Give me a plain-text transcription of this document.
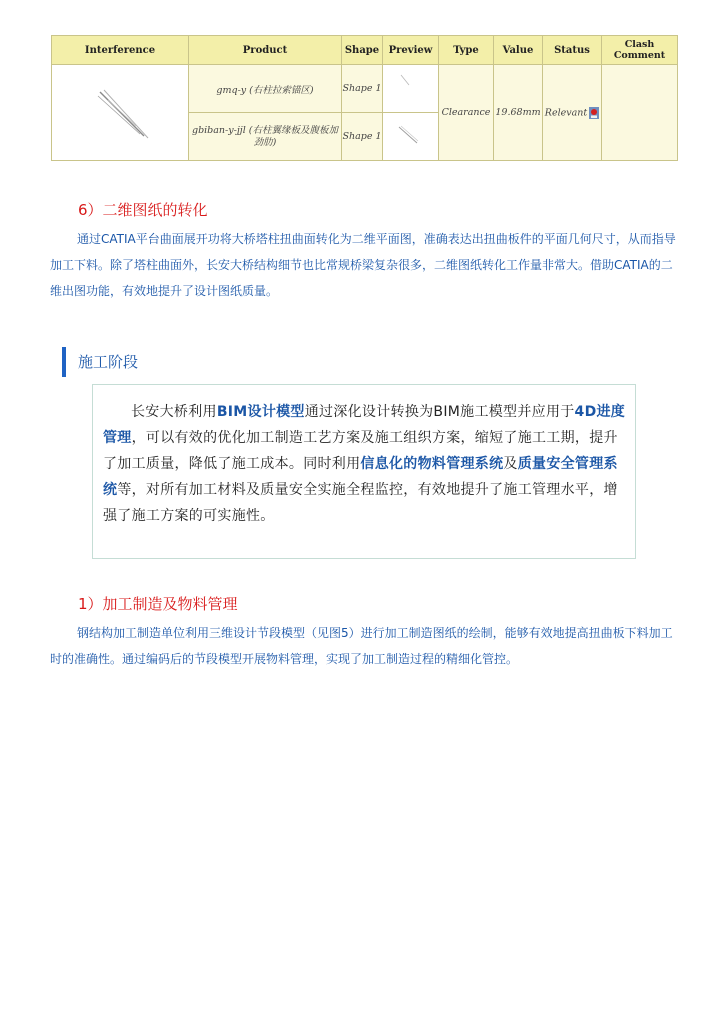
Interference	Product	Shape	Preview	Type	Value	Status	Clash Comment
	gmq-y (右柱拉索锚区)	Shape 1		Clearance	19.68mm	Relevant	
	gbiban-y-jjl (右柱翼缘板及腹板加劲肋)	Shape 1	
6）二维图纸的转化

通过CATIA平台曲面展开功将大桥塔柱扭曲面转化为二维平面图，准确表达出扭曲板件的平面几何尺寸，从而指导加工下料。除了塔柱曲面外，长安大桥结构细节也比常规桥梁复杂很多，二维图纸转化工作量非常大。借助CATIA的二维出图功能，有效地提升了设计图纸质量。

施工阶段

长安大桥利用BIM设计模型通过深化设计转换为BIM施工模型并应用于4D进度管理，可以有效的优化加工制造工艺方案及施工组织方案，缩短了施工工期，提升了加工质量，降低了施工成本。同时利用信息化的物料管理系统及质量安全管理系统等，对所有加工材料及质量安全实施全程监控，有效地提升了施工管理水平，增强了施工方案的可实施性。

1）加工制造及物料管理

钢结构加工制造单位利用三维设计节段模型（见图5）进行加工制造图纸的绘制，能够有效地提高扭曲板下料加工时的准确性。通过编码后的节段模型开展物料管理，实现了加工制造过程的精细化管控。
